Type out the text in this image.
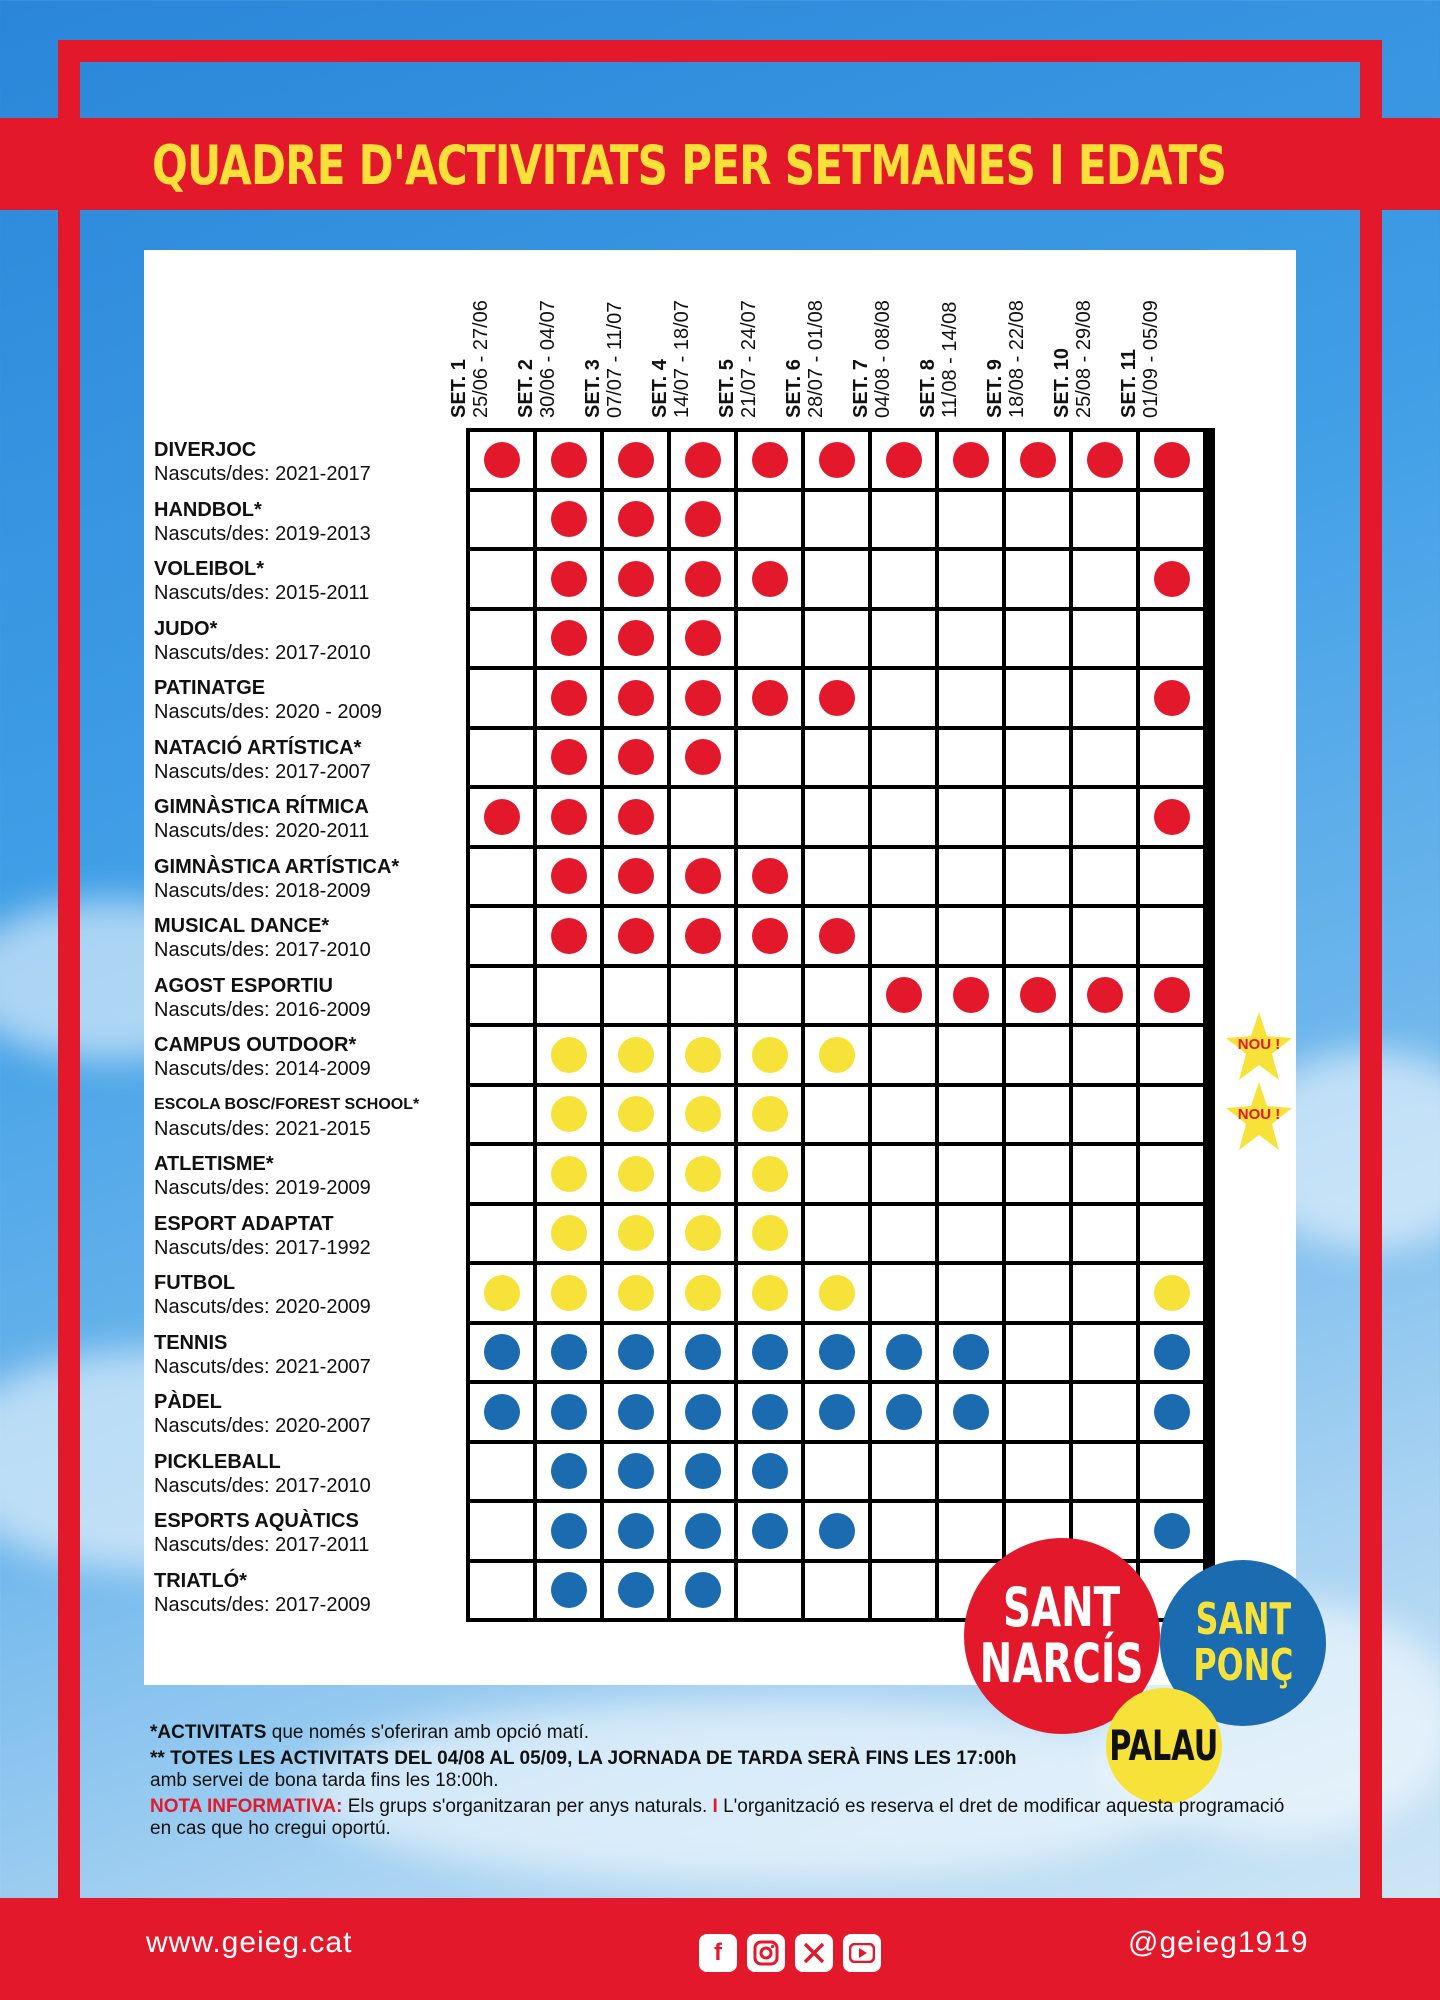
QUADRE D'ACTIVITATS PER SETMANES I EDATS
SET. 1 25/06 - 27/06 SET. 2 30/06 - 04/07 SET. 3 07/07 - 11/07 SET. 4 14/07 - 18/07 SET. 5 21/07 - 24/07 SET. 6 28/07 - 01/08 SET. 7 04/08 - 08/08 SET. 8 11/08 - 14/08 SET. 9 18/08 - 22/08 SET. 10 25/08 - 29/08 SET. 11 01/09 - 05/09
DIVERJOC
Nascuts/des: 2021-2017
HANDBOL*
Nascuts/des: 2019-2013
VOLEIBOL*
Nascuts/des: 2015-2011
JUDO*
Nascuts/des: 2017-2010
PATINATGE
Nascuts/des: 2020 - 2009
NATACIÓ ARTÍSTICA*
Nascuts/des: 2017-2007
GIMNÀSTICA RÍTMICA
Nascuts/des: 2020-2011
GIMNÀSTICA ARTÍSTICA*
Nascuts/des: 2018-2009
MUSICAL DANCE*
Nascuts/des: 2017-2010
AGOST ESPORTIU
Nascuts/des: 2016-2009
CAMPUS OUTDOOR*
Nascuts/des: 2014-2009
ESCOLA BOSC/FOREST SCHOOL*
Nascuts/des: 2021-2015
ATLETISME*
Nascuts/des: 2019-2009
ESPORT ADAPTAT
Nascuts/des: 2017-1992
FUTBOL
Nascuts/des: 2020-2009
TENNIS
Nascuts/des: 2021-2007
PÀDEL
Nascuts/des: 2020-2007
PICKLEBALL
Nascuts/des: 2017-2010
ESPORTS AQUÀTICS
Nascuts/des: 2017-2011
TRIATLÓ*
Nascuts/des: 2017-2009
NOU !
NOU !
SANT
PONÇ
SANT
NARCÍS
PALAU

*ACTIVITATS que només s'oferiran amb opció matí.

** TOTES LES ACTIVITATS DEL 04/08 AL 05/09, LA JORNADA DE TARDA SERÀ FINS LES 17:00h
amb servei de bona tarda fins les 18:00h.

NOTA INFORMATIVA: Els grups s'organitzaran per anys naturals. I L'organització es reserva el dret de modificar aquesta programació en cas que ho cregui oportú.

www.geieg.cat	f	@geieg1919
